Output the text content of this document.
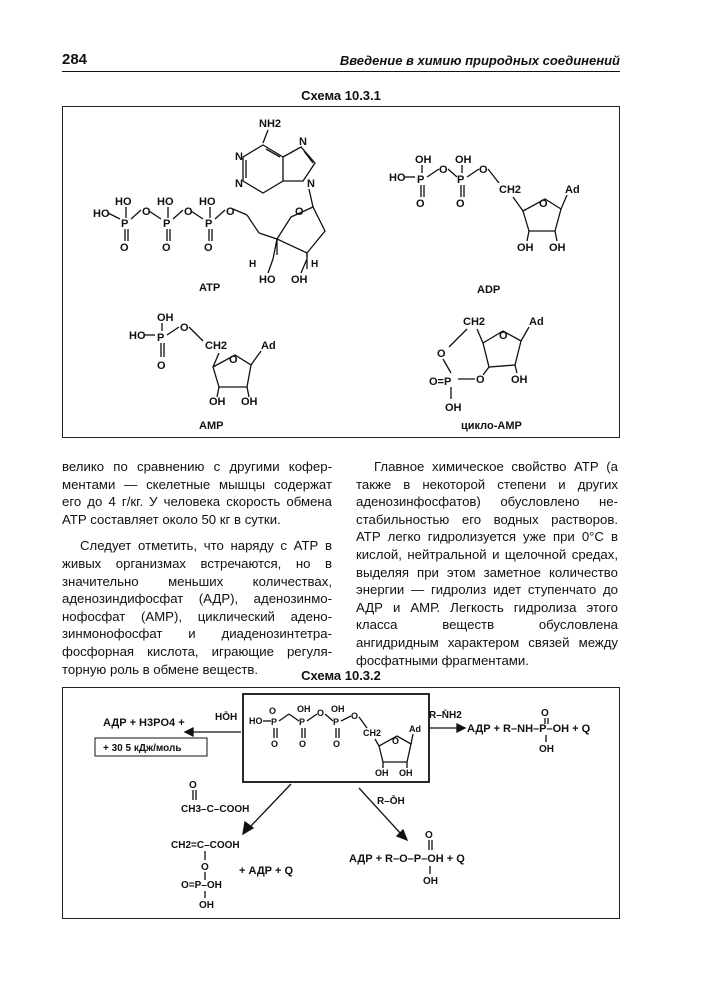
284	Введение в химию природных соединений
Схема 10.3.1
NH2
N
N
N
N
O
H	H
HO OH
O
P
HO
O
O
P
HO
O
O
P
HO
HO
O
ATP
OH OH
HO P
O
O
P
O
O
CH2
O
Ad
OH OH
ADP
OH
HO P
O
O
CH2
O
Ad
OH OH
AMP
CH2
O
O=P
OH
O
O
Ad
OH
цикло-АМР

велико по сравнению с другими коферментами — скелетные мышцы содержат его до 4 г/кг. У человека скорость обмена АТР составляет около 50 кг в сутки.

Следует отметить, что наряду с АТР в живых организмах встречаются, но в значительно меньших количествах, аденозиндифосфат (АДР), аденозинмонофосфат (АМР), циклический аденозинмонофосфат и диаденозинтетрафосфорная кислота, играющие регуляторную роль в обмене веществ.

Главное химическое свойство АТР (а также в некоторой степени и других аденозинфосфатов) обусловлено нестабильностью его водных растворов. АТР легко гидролизуется уже при 0°С в кислой, нейтральной и щелочной средах, выделяя при этом заметное количество энергии — гидролиз идет ступенчато до АДР и АМР. Легкость гидролиза этого класса веществ обусловлена ангидридным характером связей между фосфатными фрагментами.

Схема 10.3.2
АДР + H3PO4 +	HŌH
+ 30 5 кДж/моль
HO P
O
O
P
OH
O
O
P
OH
O
O
CH2
O
Ad
OH OH
R–N̄H2
АДР + R–NH–P–OH + Q
O
OH
R–ŌH
O
CH3–C–COOH
CH2=C–COOH
O
O=P–OH
OH
+ АДР + Q
АДР + R–O–P–OH + Q
O
OH
